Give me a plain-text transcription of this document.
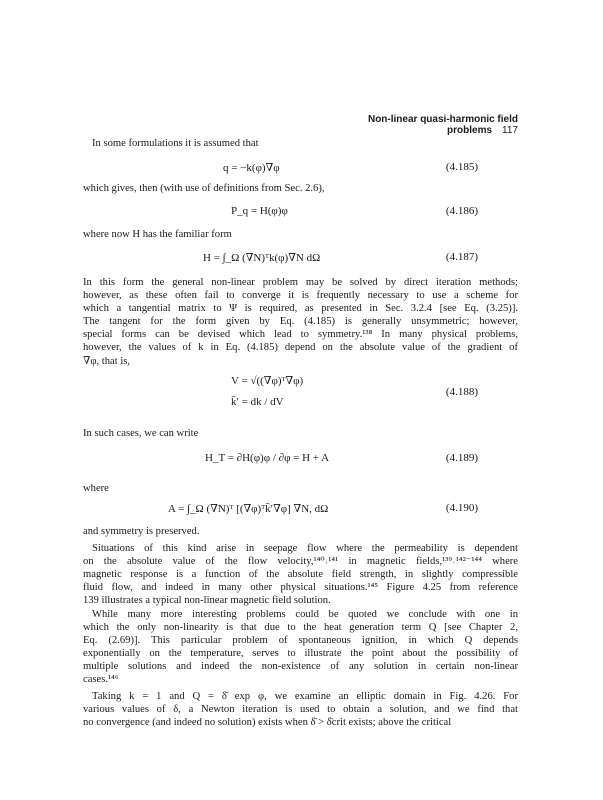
Non-linear quasi-harmonic field problems 117
In some formulations it is assumed that
q = −k(φ)∇φ	(4.185)
which gives, then (with use of definitions from Sec. 2.6),
P_q = H(φ)φ	(4.186)
where now H has the familiar form
H = ∫_Ω (∇N)ᵀk(φ)∇N dΩ	(4.187)
In this form the general non-linear problem may be solved by direct iteration methods;
however, as these often fail to converge it is frequently necessary to use a scheme for
which a tangential matrix to Ψ is required, as presented in Sec. 3.2.4 [see Eq. (3.25)].
The tangent for the form given by Eq. (4.185) is generally unsymmetric; however,
special forms can be devised which lead to symmetry.¹³⁸ In many physical problems,
however, the values of k in Eq. (4.185) depend on the absolute value of the gradient of
∇φ, that is,
V = √((∇φ)ᵀ∇φ)
k̄′ = dk / dV
(4.188)
In such cases, we can write
H_T = ∂H(φ)φ / ∂φ = H + A	(4.189)
where
A = ∫_Ω (∇N)ᵀ [(∇φ)ᵀk̄′∇φ] ∇N, dΩ	(4.190)
and symmetry is preserved.
Situations of this kind arise in seepage flow where the permeability is dependent
on the absolute value of the flow velocity,¹⁴⁰˒¹⁴¹ in magnetic fields,¹³⁹˒¹⁴²⁻¹⁴⁴ where
magnetic response is a function of the absolute field strength, in slightly compressible
fluid flow, and indeed in many other physical situations.¹⁴⁵ Figure 4.25 from reference
139 illustrates a typical non-linear magnetic field solution.
While many more interesting problems could be quoted we conclude with one in
which the only non-linearity is that due to the heat generation term Q [see Chapter 2,
Eq. (2.69)]. This particular problem of spontaneous ignition, in which Q depends
exponentially on the temperature, serves to illustrate the point about the possibility of
multiple solutions and indeed the non-existence of any solution in certain non-linear
cases.¹⁴⁶
Taking k = 1 and Q = δ̄ exp φ, we examine an elliptic domain in Fig. 4.26. For
various values of δ, a Newton iteration is used to obtain a solution, and we find that
no convergence (and indeed no solution) exists when δ̄ > δ̄crit exists; above the critical
